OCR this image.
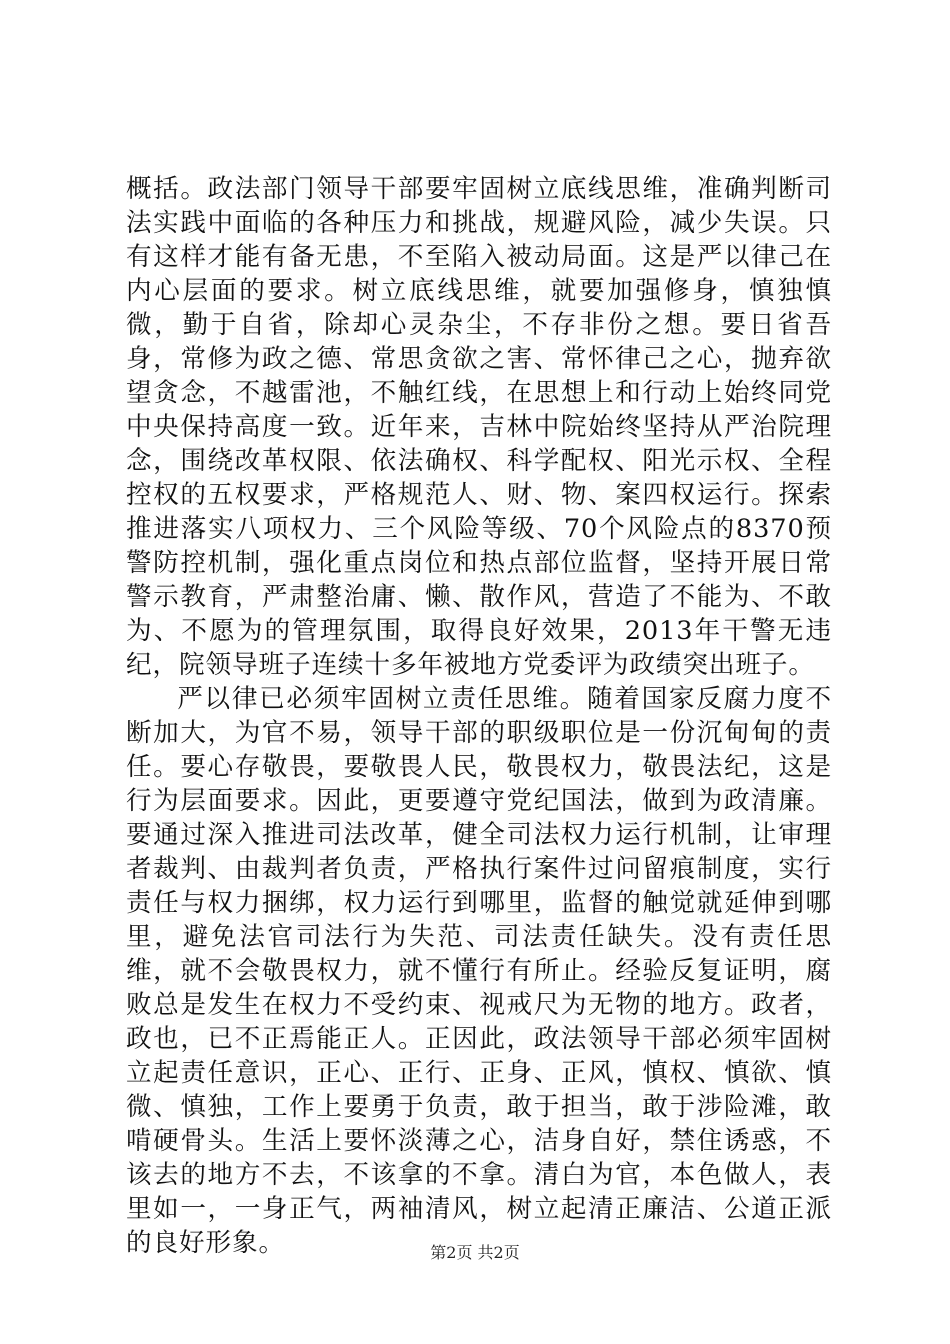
概括。政法部门领导干部要牢固树立底线思维，准确判断司法实践中面临的各种压力和挑战，规避风险，减少失误。只有这样才能有备无患，不至陷入被动局面。这是严以律己在内心层面的要求。树立底线思维，就要加强修身，慎独慎微，勤于自省，除却心灵杂尘，不存非份之想。要日省吾身，常修为政之德、常思贪欲之害、常怀律己之心，抛弃欲望贪念，不越雷池，不触红线，在思想上和行动上始终同党中央保持高度一致。近年来，吉林中院始终坚持从严治院理念，围绕改革权限、依法确权、科学配权、阳光示权、全程控权的五权要求，严格规范人、财、物、案四权运行。探索推进落实八项权力、三个风险等级、70个风险点的8370预警防控机制，强化重点岗位和热点部位监督，坚持开展日常警示教育，严肃整治庸、懒、散作风，营造了不能为、不敢为、不愿为的管理氛围，取得良好效果，2013年干警无违纪，院领导班子连续十多年被地方党委评为政绩突出班子。

严以律已必须牢固树立责任思维。随着国家反腐力度不断加大，为官不易，领导干部的职级职位是一份沉甸甸的责任。要心存敬畏，要敬畏人民，敬畏权力，敬畏法纪，这是行为层面要求。因此，更要遵守党纪国法，做到为政清廉。要通过深入推进司法改革，健全司法权力运行机制，让审理者裁判、由裁判者负责，严格执行案件过问留痕制度，实行责任与权力捆绑，权力运行到哪里，监督的触觉就延伸到哪里，避免法官司法行为失范、司法责任缺失。没有责任思维，就不会敬畏权力，就不懂行有所止。经验反复证明，腐败总是发生在权力不受约束、视戒尺为无物的地方。政者，政也，已不正焉能正人。正因此，政法领导干部必须牢固树立起责任意识，正心、正行、正身、正风，慎权、慎欲、慎微、慎独，工作上要勇于负责，敢于担当，敢于涉险滩，敢啃硬骨头。生活上要怀淡薄之心，洁身自好，禁住诱惑，不该去的地方不去，不该拿的不拿。清白为官，本色做人，表里如一，一身正气，两袖清风，树立起清正廉洁、公道正派的良好形象。	第2页 共2页
